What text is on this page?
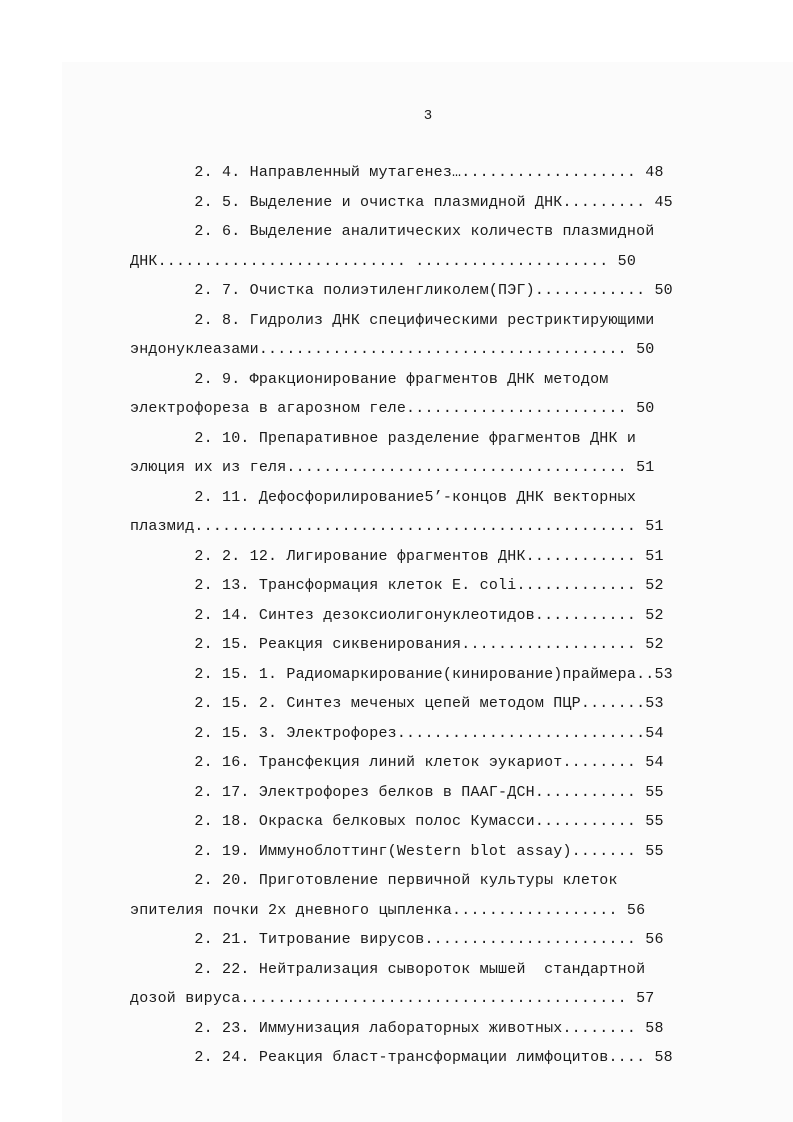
3
2. 4. Направленный мутагенез…................... 48
2. 5. Выделение и очистка плазмидной ДНК......... 45
2. 6. Выделение аналитических количеств плазмидной
ДНК........................... ..................... 50
2. 7. Очистка полиэтиленгликолем(ПЭГ)............ 50
2. 8. Гидролиз ДНК специфическими рестриктирующими
эндонуклеазами........................................ 50
2. 9. Фракционирование фрагментов ДНК методом
электрофореза в агарозном геле........................ 50
2. 10. Препаративное разделение фрагментов ДНК и
элюция их из геля..................................... 51
2. 11. Дефосфорилирование5’-концов ДНК векторных
плазмид................................................ 51
2. 2. 12. Лигирование фрагментов ДНК............ 51
2. 13. Трансформация клеток E. coli............. 52
2. 14. Синтез дезоксиолигонуклеотидов........... 52
2. 15. Реакция сиквенирования................... 52
2. 15. 1. Радиомаркирование(кинирование)праймера..53
2. 15. 2. Синтез меченых цепей методом ПЦР.......53
2. 15. 3. Электрофорез...........................54
2. 16. Трансфекция линий клеток эукариот........ 54
2. 17. Электрофорез белков в ПААГ-ДСН........... 55
2. 18. Окраска белковых полос Кумасси........... 55
2. 19. Иммуноблоттинг(Western blot assay)....... 55
2. 20. Приготовление первичной культуры клеток
эпителия почки 2х дневного цыпленка.................. 56
2. 21. Титрование вирусов....................... 56
2. 22. Нейтрализация сывороток мышей  стандартной
дозой вируса.......................................... 57
2. 23. Иммунизация лабораторных животных........ 58
2. 24. Реакция бласт-трансформации лимфоцитов.... 58
